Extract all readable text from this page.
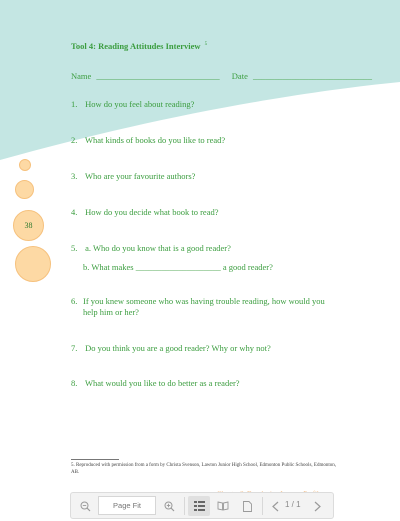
Tool 4: Reading Attitudes Interview $^5$
Name _____________________________ Date ____________________________
1. How do you feel about reading?
2. What kinds of books do you like to read?
3. Who are your favourite authors?
4. How do you decide what book to read?
5. a. Who do you know that is a good reader?
b. What makes ____________________ a good reader?
6. If you knew someone who was having trouble reading, how would you help him or her?
7. Do you think you are a good reader? Why or why not?
8. What would you like to do better as a reader?
5. Reproduced with permission from a form by Christa Svenson, Lawton Junior High School, Edmonton Public Schools, Edmonton, AB.
38
Page Fit
1 / 1
